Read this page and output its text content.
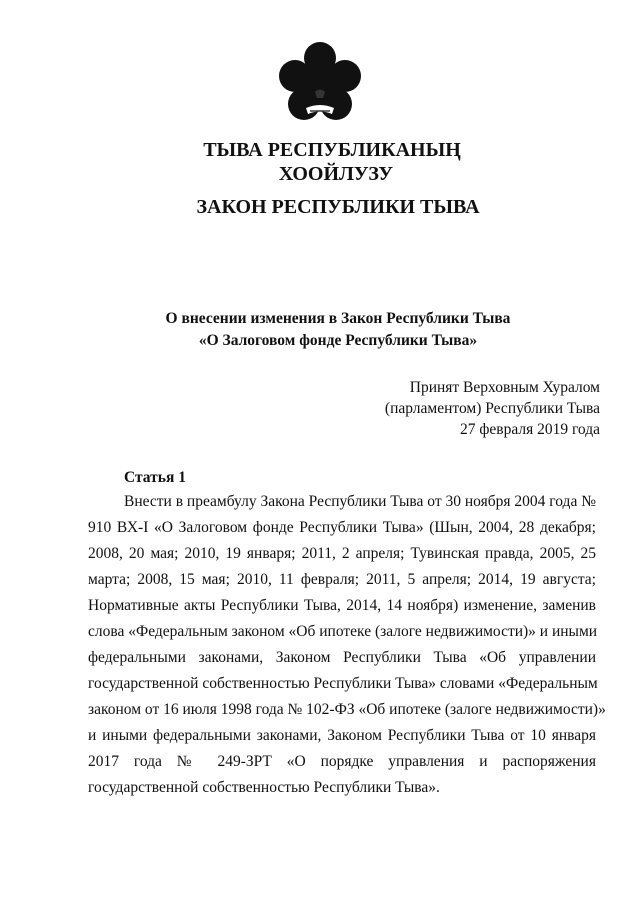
ТЫВА РЕСПУБЛИКАНЫҢ
ХООЙЛУЗУ
ЗАКОН РЕСПУБЛИКИ ТЫВА
О внесении изменения в Закон Республики Тыва
«О Залоговом фонде Республики Тыва»
Принят Верховным Хуралом
(парламентом) Республики Тыва
27 февраля 2019 года
Статья 1
Внести в преамбулу Закона Республики Тыва от 30 ноября 2004 года №
910 ВХ-I «О Залоговом фонде Республики Тыва» (Шын, 2004, 28 декабря;
2008, 20 мая; 2010, 19 января; 2011, 2 апреля; Тувинская правда, 2005, 25
марта; 2008, 15 мая; 2010, 11 февраля; 2011, 5 апреля; 2014, 19 августа;
Нормативные акты Республики Тыва, 2014, 14 ноября) изменение, заменив
слова «Федеральным законом «Об ипотеке (залоге недвижимости)» и иными
федеральными законами, Законом Республики Тыва «Об управлении
государственной собственностью Республики Тыва» словами «Федеральным
законом от 16 июля 1998 года № 102-ФЗ «Об ипотеке (залоге недвижимости)»
и иными федеральными законами, Законом Республики Тыва от 10 января
2017 года № 249-ЗРТ «О порядке управления и распоряжения
государственной собственностью Республики Тыва».
